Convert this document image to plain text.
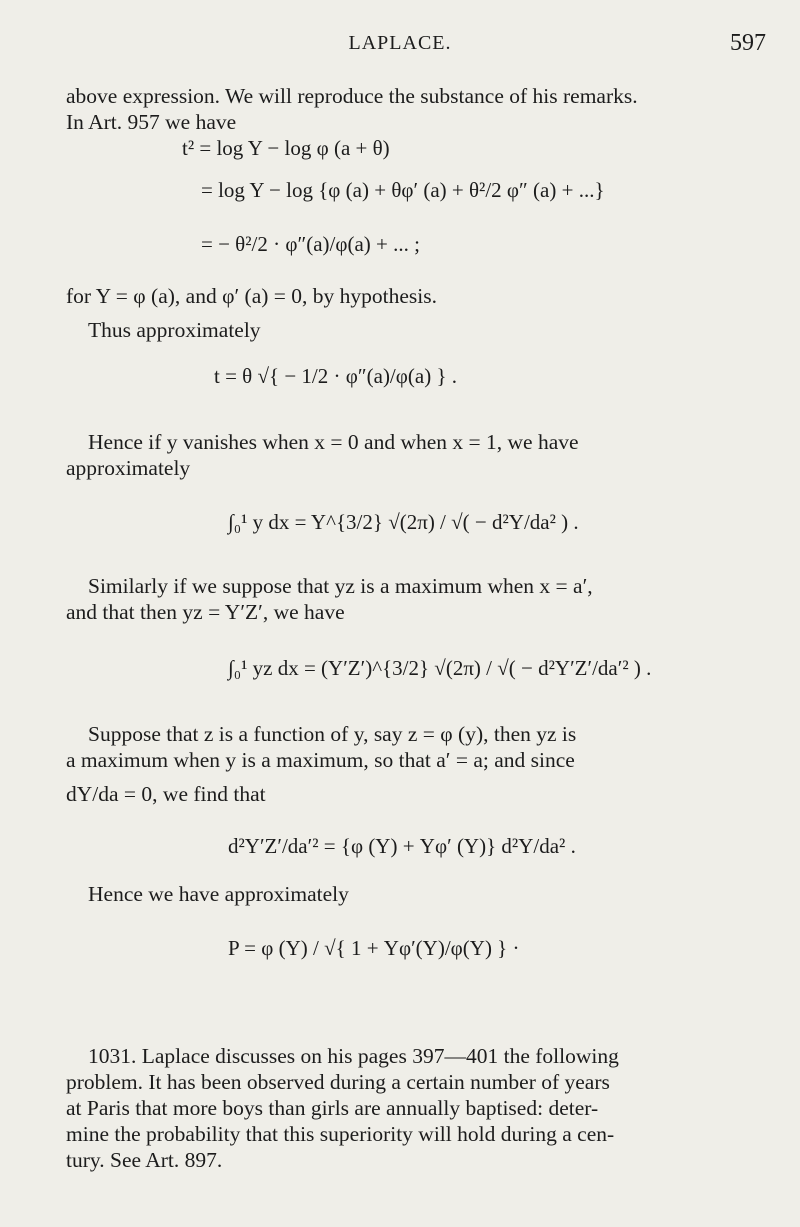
LAPLACE.	597
above expression. We will reproduce the substance of his remarks.
In Art. 957 we have
t² = log Y − log φ (a + θ)
= log Y − log {φ (a) + θφ′ (a) + θ²/2 φ″ (a) + ...}
= − θ²/2 · φ″(a)/φ(a) + ... ;
for Y = φ (a), and φ′ (a) = 0, by hypothesis.
Thus approximately
t = θ √{ − 1/2 · φ″(a)/φ(a) } .
Hence if y vanishes when x = 0 and when x = 1, we have
approximately
∫₀¹ y dx = Y^{3/2} √(2π) / √( − d²Y/da² ) .
Similarly if we suppose that yz is a maximum when x = a′,
and that then yz = Y′Z′, we have
∫₀¹ yz dx = (Y′Z′)^{3/2} √(2π) / √( − d²Y′Z′/da′² ) .
Suppose that z is a function of y, say z = φ (y), then yz is
a maximum when y is a maximum, so that a′ = a; and since
dY/da = 0, we find that
d²Y′Z′/da′² = {φ (Y) + Yφ′ (Y)} d²Y/da² .
Hence we have approximately
P = φ (Y) / √{ 1 + Yφ′(Y)/φ(Y) } ·
1031. Laplace discusses on his pages 397—401 the following
problem. It has been observed during a certain number of years
at Paris that more boys than girls are annually baptised: deter-
mine the probability that this superiority will hold during a cen-
tury. See Art. 897.
